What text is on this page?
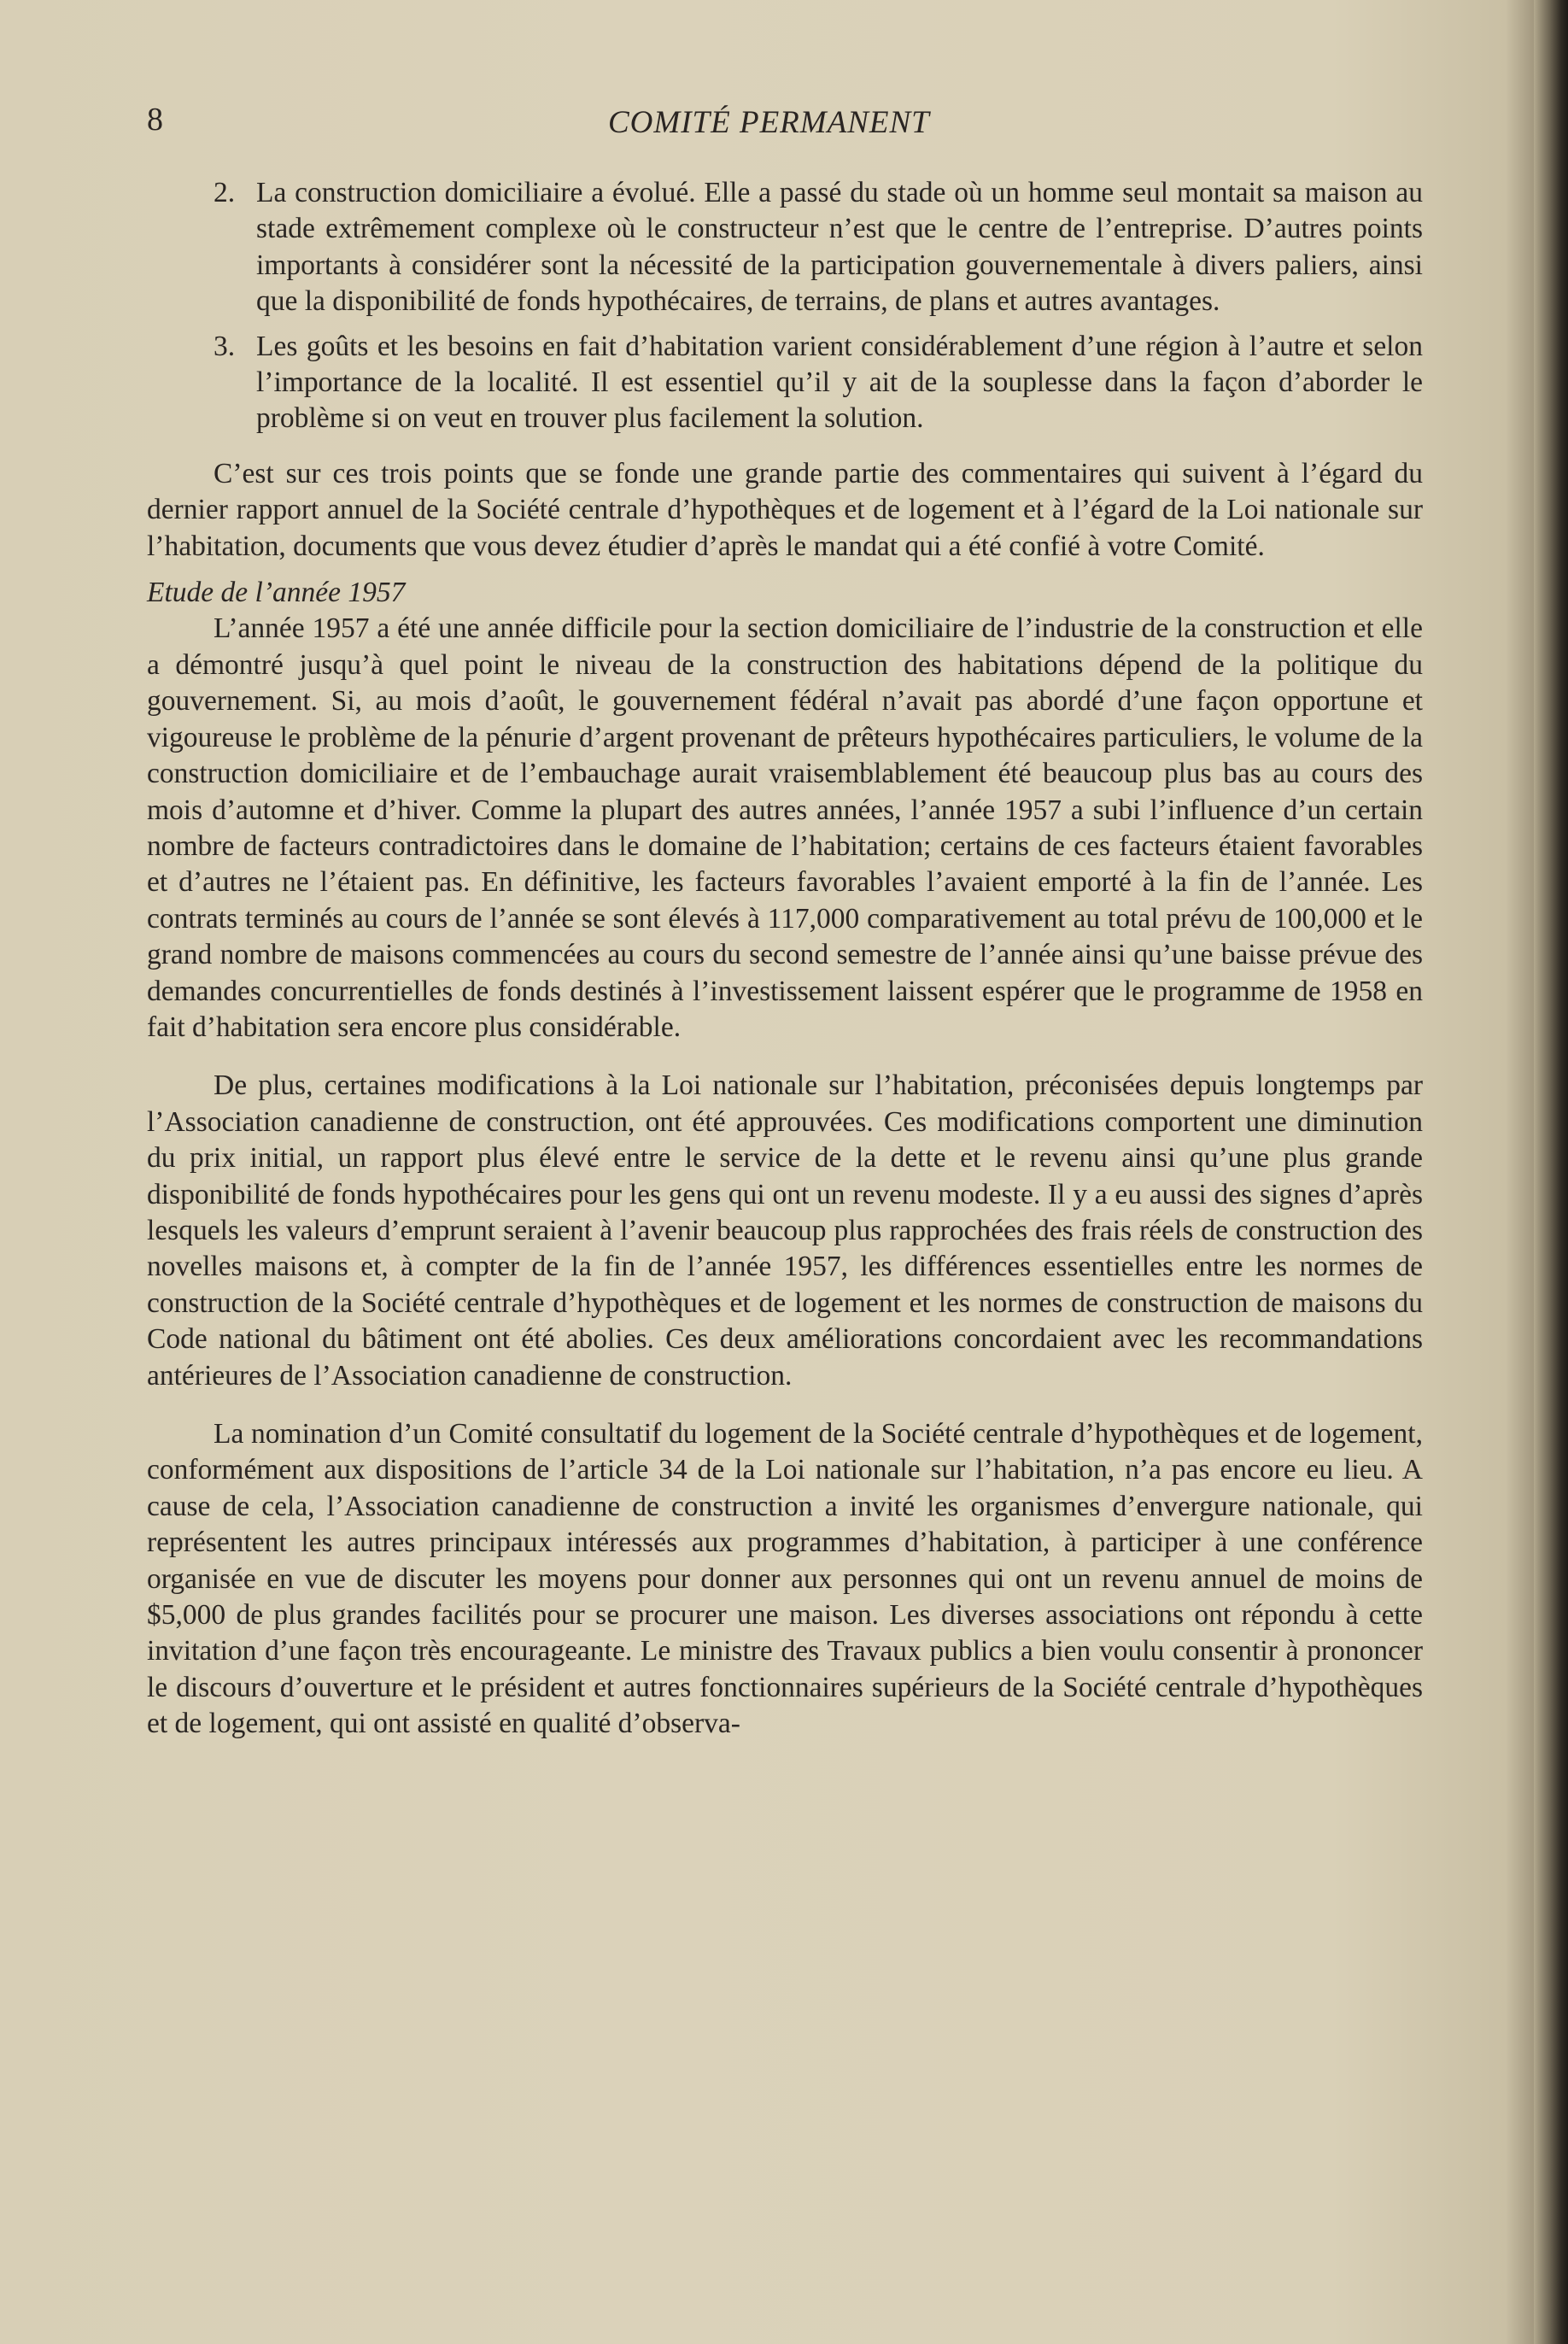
8	COMITÉ PERMANENT
2. La construction domiciliaire a évolué. Elle a passé du stade où un homme seul montait sa maison au stade extrêmement complexe où le constructeur n’est que le centre de l’entreprise. D’autres points importants à considérer sont la nécessité de la participation gouvernementale à divers paliers, ainsi que la disponibilité de fonds hypothécaires, de terrains, de plans et autres avantages.
3. Les goûts et les besoins en fait d’habitation varient considérablement d’une région à l’autre et selon l’importance de la localité. Il est essentiel qu’il y ait de la souplesse dans la façon d’aborder le problème si on veut en trouver plus facilement la solution.

C’est sur ces trois points que se fonde une grande partie des commentaires qui suivent à l’égard du dernier rapport annuel de la Société centrale d’hypothèques et de logement et à l’égard de la Loi nationale sur l’habitation, documents que vous devez étudier d’après le mandat qui a été confié à votre Comité.

Etude de l’année 1957

L’année 1957 a été une année difficile pour la section domiciliaire de l’industrie de la construction et elle a démontré jusqu’à quel point le niveau de la construction des habitations dépend de la politique du gouvernement. Si, au mois d’août, le gouvernement fédéral n’avait pas abordé d’une façon opportune et vigoureuse le problème de la pénurie d’argent provenant de prêteurs hypothécaires particuliers, le volume de la construction domiciliaire et de l’embauchage aurait vraisemblablement été beaucoup plus bas au cours des mois d’automne et d’hiver. Comme la plupart des autres années, l’année 1957 a subi l’influence d’un certain nombre de facteurs contradictoires dans le domaine de l’habitation; certains de ces facteurs étaient favorables et d’autres ne l’étaient pas. En définitive, les facteurs favorables l’avaient emporté à la fin de l’année. Les contrats terminés au cours de l’année se sont élevés à 117,000 comparativement au total prévu de 100,000 et le grand nombre de maisons commencées au cours du second semestre de l’année ainsi qu’une baisse prévue des demandes concurrentielles de fonds destinés à l’investissement laissent espérer que le programme de 1958 en fait d’habitation sera encore plus considérable.

De plus, certaines modifications à la Loi nationale sur l’habitation, préconisées depuis longtemps par l’Association canadienne de construction, ont été approuvées. Ces modifications comportent une diminution du prix initial, un rapport plus élevé entre le service de la dette et le revenu ainsi qu’une plus grande disponibilité de fonds hypothécaires pour les gens qui ont un revenu modeste. Il y a eu aussi des signes d’après lesquels les valeurs d’emprunt seraient à l’avenir beaucoup plus rapprochées des frais réels de construction des novelles maisons et, à compter de la fin de l’année 1957, les différences essentielles entre les normes de construction de la Société centrale d’hypothèques et de logement et les normes de construction de maisons du Code national du bâtiment ont été abolies. Ces deux améliorations concordaient avec les recommandations antérieures de l’Association canadienne de construction.

La nomination d’un Comité consultatif du logement de la Société centrale d’hypothèques et de logement, conformément aux dispositions de l’article 34 de la Loi nationale sur l’habitation, n’a pas encore eu lieu. A cause de cela, l’Association canadienne de construction a invité les organismes d’envergure nationale, qui représentent les autres principaux intéressés aux programmes d’habitation, à participer à une conférence organisée en vue de discuter les moyens pour donner aux personnes qui ont un revenu annuel de moins de $5,000 de plus grandes facilités pour se procurer une maison. Les diverses associations ont répondu à cette invitation d’une façon très encourageante. Le ministre des Travaux publics a bien voulu consentir à prononcer le discours d’ouverture et le président et autres fonctionnaires supérieurs de la Société centrale d’hypothèques et de logement, qui ont assisté en qualité d’observa-
